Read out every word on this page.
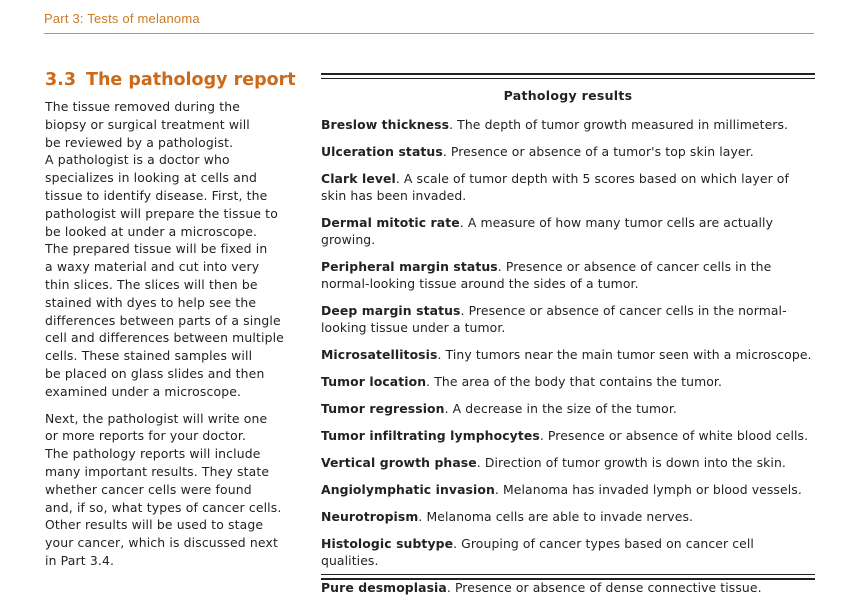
Part 3: Tests of melanoma
3.3 The pathology report

The tissue removed during the
biopsy or surgical treatment will
be reviewed by a pathologist.
A pathologist is a doctor who
specializes in looking at cells and
tissue to identify disease. First, the
pathologist will prepare the tissue to
be looked at under a microscope.
The prepared tissue will be fixed in
a waxy material and cut into very
thin slices. The slices will then be
stained with dyes to help see the
differences between parts of a single
cell and differences between multiple
cells. These stained samples will
be placed on glass slides and then
examined under a microscope.

Next, the pathologist will write one
or more reports for your doctor.
The pathology reports will include
many important results. They state
whether cancer cells were found
and, if so, what types of cancer cells.
Other results will be used to stage
your cancer, which is discussed next
in Part 3.4.

Pathology results
Breslow thickness. The depth of tumor growth measured in millimeters.
Ulceration status. Presence or absence of a tumor's top skin layer.
Clark level. A scale of tumor depth with 5 scores based on which layer of skin has been invaded.
Dermal mitotic rate. A measure of how many tumor cells are actually growing.
Peripheral margin status. Presence or absence of cancer cells in the normal-looking tissue around the sides of a tumor.
Deep margin status. Presence or absence of cancer cells in the normal-looking tissue under a tumor.
Microsatellitosis. Tiny tumors near the main tumor seen with a microscope.
Tumor location. The area of the body that contains the tumor.
Tumor regression. A decrease in the size of the tumor.
Tumor infiltrating lymphocytes. Presence or absence of white blood cells.
Vertical growth phase. Direction of tumor growth is down into the skin.
Angiolymphatic invasion. Melanoma has invaded lymph or blood vessels.
Neurotropism. Melanoma cells are able to invade nerves.
Histologic subtype. Grouping of cancer types based on cancer cell qualities.
Pure desmoplasia. Presence or absence of dense connective tissue.
